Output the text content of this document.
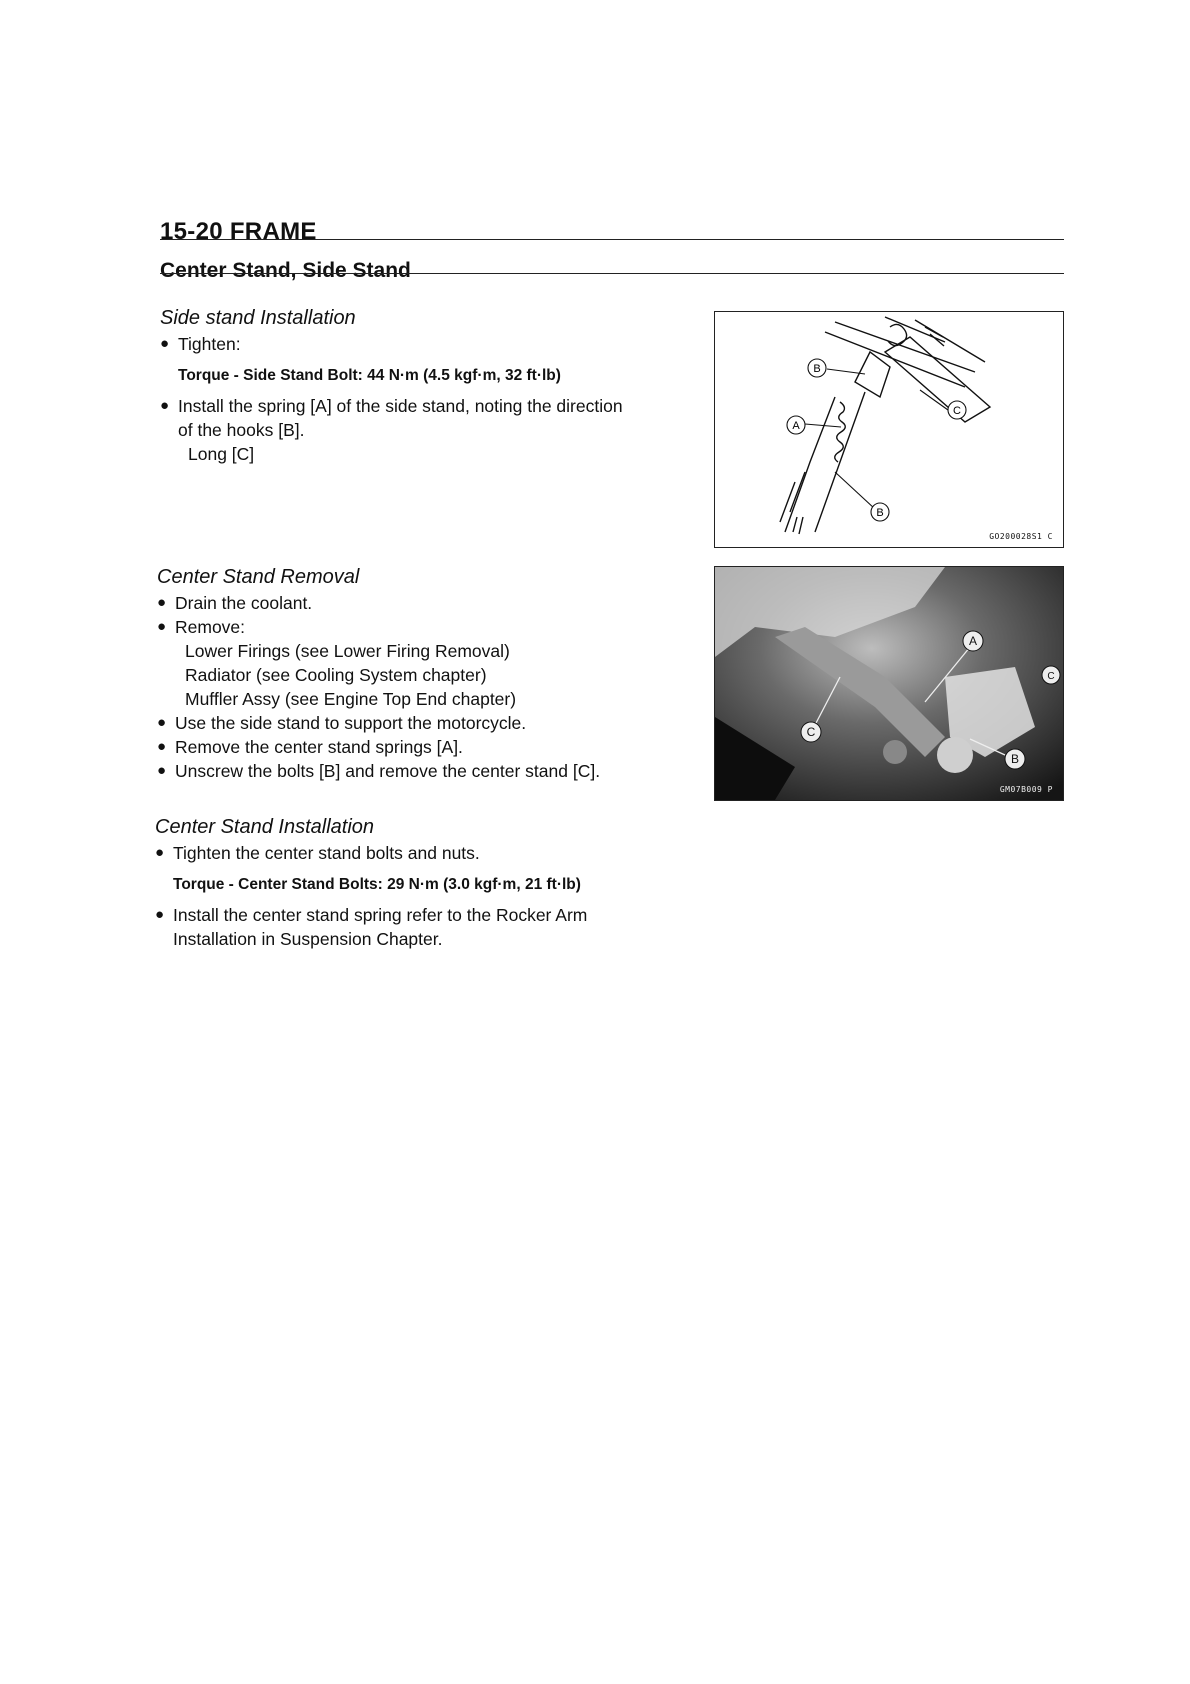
15-20 FRAME
Center Stand, Side Stand
Side stand Installation
● Tighten:
Torque - Side Stand Bolt: 44 N·m (4.5 kgf·m, 32 ft·lb)
● Install the spring [A] of the side stand, noting the direction
of the hooks [B].
Long [C]
B
A
C
B
GO200028S1 C
Center Stand Removal
● Drain the coolant.
● Remove:
Lower Firings (see Lower Firing Removal)
Radiator (see Cooling System chapter)
Muffler Assy (see Engine Top End chapter)
● Use the side stand to support the motorcycle.
● Remove the center stand springs [A].
● Unscrew the bolts [B] and remove the center stand [C].
A
C
B
C
GM07B009 P
Center Stand Installation
● Tighten the center stand bolts and nuts.
Torque - Center Stand Bolts: 29 N·m (3.0 kgf·m, 21 ft·lb)
● Install the center stand spring refer to the Rocker Arm
Installation in Suspension Chapter.
